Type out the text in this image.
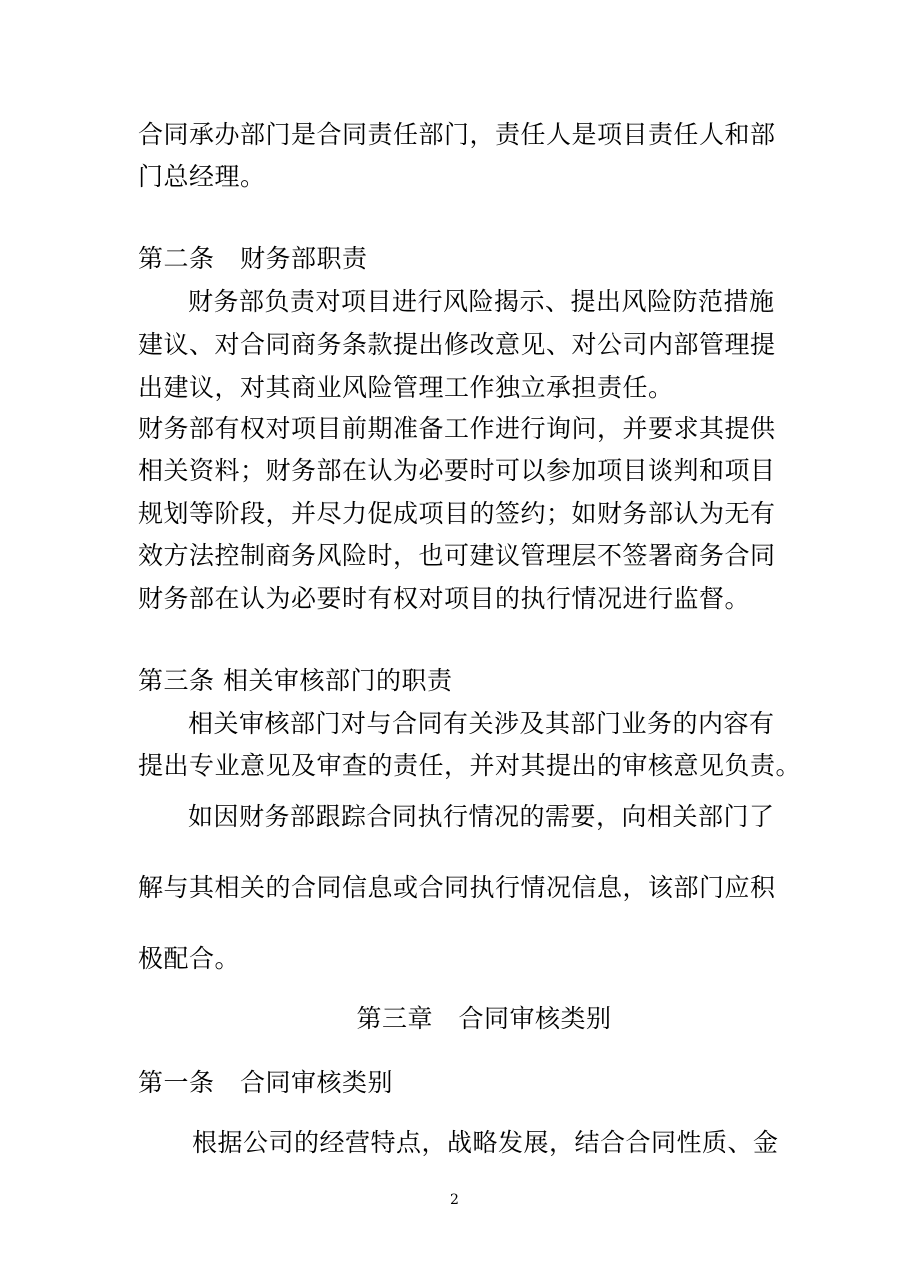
合同承办部门是合同责任部门，责任人是项目责任人和部
门总经理。
第二条　财务部职责
财务部负责对项目进行风险揭示、提出风险防范措施
建议、对合同商务条款提出修改意见、对公司内部管理提
出建议，对其商业风险管理工作独立承担责任。
财务部有权对项目前期准备工作进行询问，并要求其提供
相关资料；财务部在认为必要时可以参加项目谈判和项目
规划等阶段，并尽力促成项目的签约；如财务部认为无有
效方法控制商务风险时，也可建议管理层不签署商务合同
财务部在认为必要时有权对项目的执行情况进行监督。
第三条 相关审核部门的职责
相关审核部门对与合同有关涉及其部门业务的内容有
提出专业意见及审查的责任，并对其提出的审核意见负责。
如因财务部跟踪合同执行情况的需要，向相关部门了
解与其相关的合同信息或合同执行情况信息，该部门应积
极配合。
第三章　合同审核类别
第一条　合同审核类别
根据公司的经营特点，战略发展，结合合同性质、金
2
